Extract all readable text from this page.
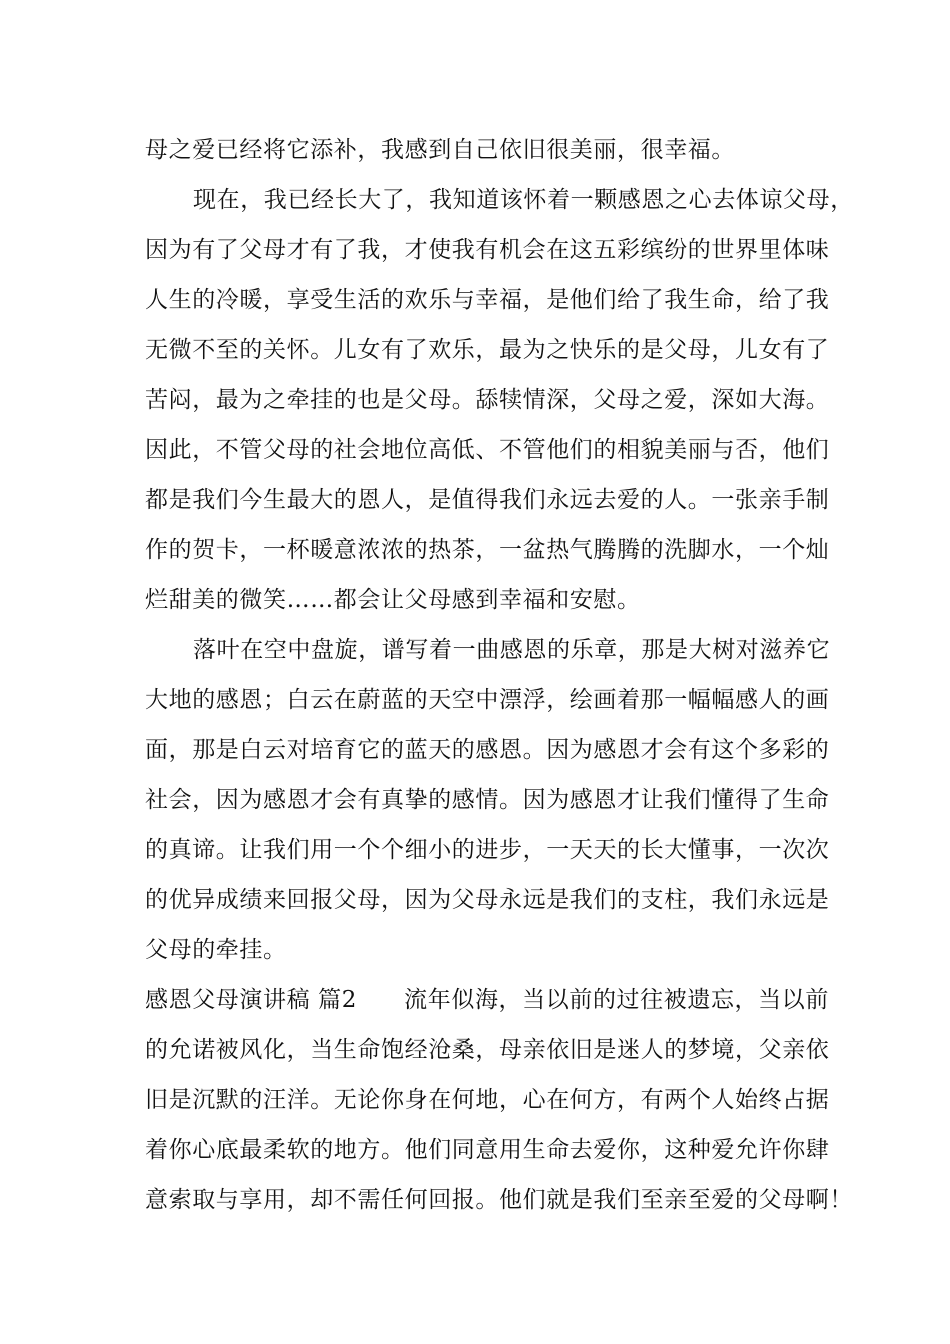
母之爱已经将它添补，我感到自己依旧很美丽，很幸福。
现在，我已经长大了，我知道该怀着一颗感恩之心去体谅父母，
因为有了父母才有了我，才使我有机会在这五彩缤纷的世界里体味
人生的冷暖，享受生活的欢乐与幸福，是他们给了我生命，给了我
无微不至的关怀。儿女有了欢乐，最为之快乐的是父母，儿女有了
苦闷，最为之牵挂的也是父母。舔犊情深，父母之爱，深如大海。
因此，不管父母的社会地位高低、不管他们的相貌美丽与否，他们
都是我们今生最大的恩人，是值得我们永远去爱的人。一张亲手制
作的贺卡，一杯暖意浓浓的热茶，一盆热气腾腾的洗脚水，一个灿
烂甜美的微笑……都会让父母感到幸福和安慰。
落叶在空中盘旋，谱写着一曲感恩的乐章，那是大树对滋养它
大地的感恩；白云在蔚蓝的天空中漂浮，绘画着那一幅幅感人的画
面，那是白云对培育它的蓝天的感恩。因为感恩才会有这个多彩的
社会，因为感恩才会有真挚的感情。因为感恩才让我们懂得了生命
的真谛。让我们用一个个细小的进步，一天天的长大懂事，一次次
的优异成绩来回报父母，因为父母永远是我们的支柱，我们永远是
父母的牵挂。
感恩父母演讲稿 篇2　　流年似海，当以前的过往被遗忘，当以前
的允诺被风化，当生命饱经沧桑，母亲依旧是迷人的梦境，父亲依
旧是沉默的汪洋。无论你身在何地，心在何方，有两个人始终占据
着你心底最柔软的地方。他们同意用生命去爱你，这种爱允许你肆
意索取与享用，却不需任何回报。他们就是我们至亲至爱的父母啊！
